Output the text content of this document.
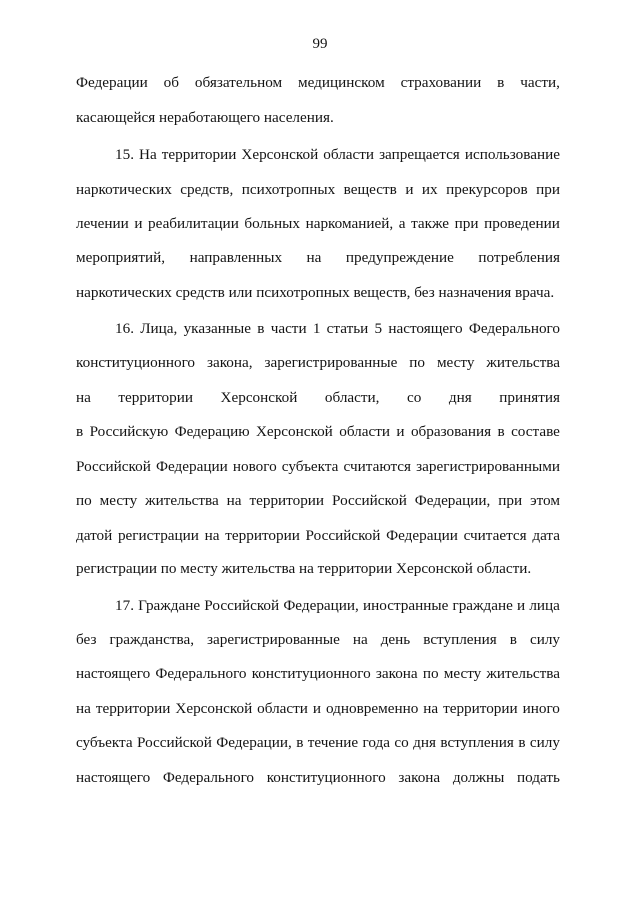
99
Федерации об обязательном медицинском страховании в части,
касающейся неработающего населения.
15. На территории Херсонской области запрещается использование
наркотических средств, психотропных веществ и их прекурсоров при
лечении и реабилитации больных наркоманией, а также при проведении
мероприятий, направленных на предупреждение потребления
наркотических средств или психотропных веществ, без назначения врача.
16. Лица, указанные в части 1 статьи 5 настоящего Федерального
конституционного закона, зарегистрированные по месту жительства
на территории Херсонской области, со дня принятия
в Российскую Федерацию Херсонской области и образования в составе
Российской Федерации нового субъекта считаются зарегистрированными
по месту жительства на территории Российской Федерации, при этом
датой регистрации на территории Российской Федерации считается дата
регистрации по месту жительства на территории Херсонской области.
17. Граждане Российской Федерации, иностранные граждане и лица
без гражданства, зарегистрированные на день вступления в силу
настоящего Федерального конституционного закона по месту жительства
на территории Херсонской области и одновременно на территории иного
субъекта Российской Федерации, в течение года со дня вступления в силу
настоящего Федерального конституционного закона должны подать
